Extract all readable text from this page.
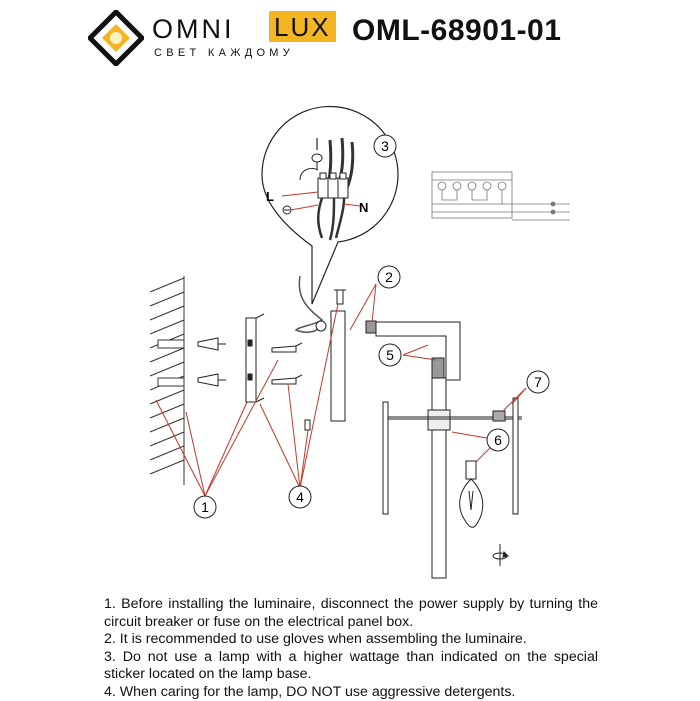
OMNI LUX
СВЕТ КАЖДОМУ
OML-68901-01
L
N
1
2
3
4
5
6
7

1. Before installing the luminaire, disconnect the power supply by turning the circuit breaker or fuse on the electrical panel box.

2. It is recommended to use gloves when assembling the luminaire.

3. Do not use a lamp with a higher wattage than indicated on the special sticker located on the lamp base.

4. When caring for the lamp, DO NOT use aggressive detergents.
